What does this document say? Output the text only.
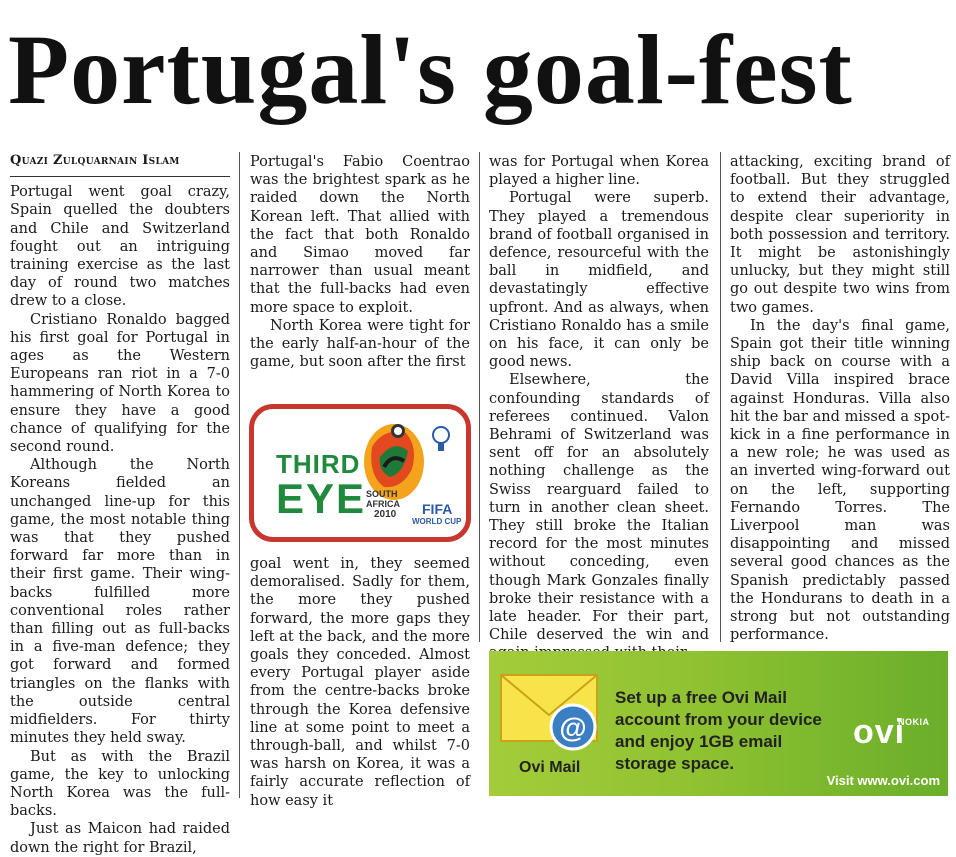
Portugal's goal-fest
Quazi Zulquarnain Islam

Portugal went goal crazy, Spain quelled the doubters and Chile and Switzerland fought out an intriguing training exercise as the last day of round two matches drew to a close.

Cristiano Ronaldo bagged his first goal for Portugal in ages as the Western Europeans ran riot in a 7-0 hammering of North Korea to ensure they have a good chance of qualifying for the second round.

Although the North Koreans fielded an unchanged line-up for this game, the most notable thing was that they pushed forward far more than in their first game. Their wing-backs fulfilled more conventional roles rather than filling out as full-backs in a five-man defence; they got forward and formed triangles on the flanks with the outside central midfielders. For thirty minutes they held sway.

But as with the Brazil game, the key to unlocking North Korea was the full-backs.

Just as Maicon had raided down the right for Brazil,

Portugal's Fabio Coentrao was the brightest spark as he raided down the North Korean left. That allied with the fact that both Ronaldo and Simao moved far narrower than usual meant that the full-backs had even more space to exploit.

North Korea were tight for the early half-an-hour of the game, but soon after the first

THIRD
EYE SOUTH
AFRICA
2010 FIFA
WORLD CUP

goal went in, they seemed demoralised. Sadly for them, the more they pushed forward, the more gaps they left at the back, and the more goals they conceded. Almost every Portugal player aside from the centre-backs broke through the Korea defensive line at some point to meet a through-ball, and whilst 7-0 was harsh on Korea, it was a fairly accurate reflection of how easy it

was for Portugal when Korea played a higher line.

Portugal were superb. They played a tremendous brand of football organised in defence, resourceful with the ball in midfield, and devastatingly effective upfront. And as always, when Cristiano Ronaldo has a smile on his face, it can only be good news.

Elsewhere, the confounding standards of referees continued. Valon Behrami of Switzerland was sent off for an absolutely nothing challenge as the Swiss rearguard failed to turn in another clean sheet. They still broke the Italian record for the most minutes without conceding, even though Mark Gonzales finally broke their resistance with a late header. For their part, Chile deserved the win and

attacking, exciting brand of football. But they struggled to extend their advantage, despite clear superiority in both possession and territory. It might be astonishingly unlucky, but they might still go out despite two wins from two games.

In the day's final game, Spain got their title winning ship back on course with a David Villa inspired brace against Honduras. Villa also hit the bar and missed a spot-kick in a fine performance in a new role; he was used as an inverted wing-forward out on the left, supporting Fernando Torres. The Liverpool man was disappointing and missed several good chances as the Spanish predictably passed the Hondurans to death in a strong but not outstanding performance.

@
Set up a free Ovi Mail account from your device and enjoy 1GB email storage space.
Ovi Mail
ovi
NOKIA
Visit www.ovi.com
